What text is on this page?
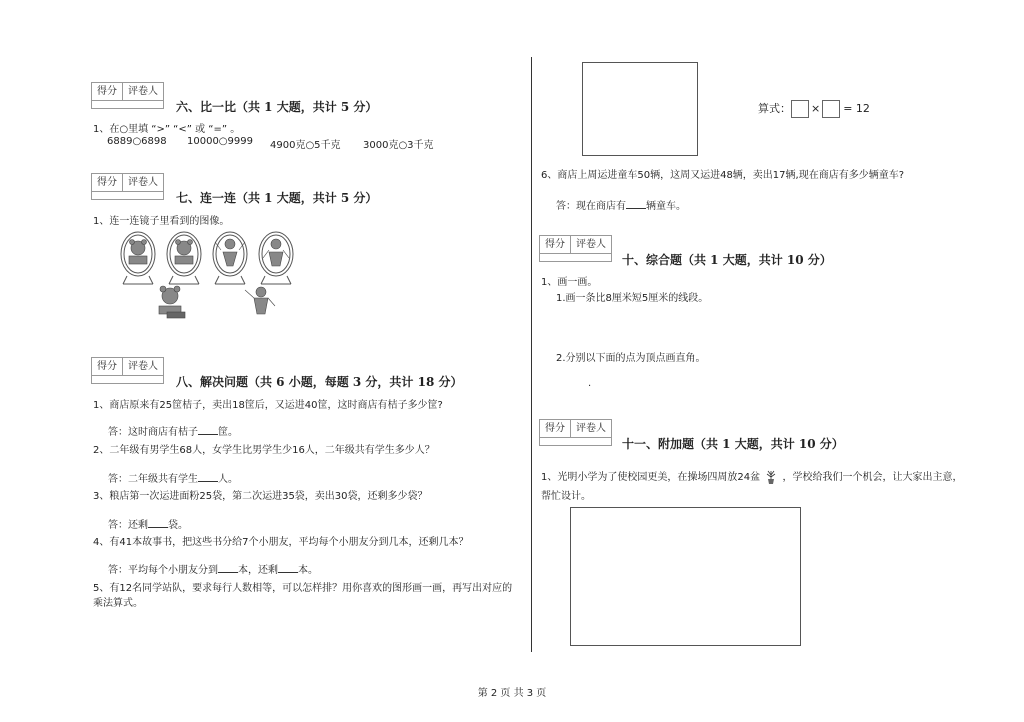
得分	评卷人
六、比一比（共 1 大题，共计 5 分）
1、在○里填 “>” “<” 或 “=” 。
6889○6898 10000○9999 4900克○5千克 3000克○3千克
得分	评卷人
七、连一连（共 1 大题，共计 5 分）
1、连一连镜子里看到的图像。
得分	评卷人
八、解决问题（共 6 小题，每题 3 分，共计 18 分）
1、商店原来有25筐桔子，卖出18筐后，又运进40筐，这时商店有桔子多少筐?
答：这时商店有桔子 筐。
2、二年级有男学生68人，女学生比男学生少16人，二年级共有学生多少人？
答：二年级共有学生 人。
3、粮店第一次运进面粉25袋，第二次运进35袋，卖出30袋，还剩多少袋？
答：还剩 袋。
4、有41本故事书，把这些书分给7个小朋友，平均每个小朋友分到几本，还剩几本？
答：平均每个小朋友分到 本，还剩 本。
5、有12名同学站队，要求每行人数相等，可以怎样排？用你喜欢的图形画一画，再写出对应的
乘法算式。
算式： × = 12
6、商店上周运进童车50辆，这周又运进48辆，卖出17辆,现在商店有多少辆童车?
答：现在商店有 辆童车。
得分	评卷人
十、综合题（共 1 大题，共计 10 分）
1、画一画。
1.画一条比8厘米短5厘米的线段。
2.分别以下面的点为顶点画直角。
.
得分	评卷人
十一、附加题（共 1 大题，共计 10 分）
1、光明小学为了使校园更美，在操场四周放24盆 ，学校给我们一个机会，让大家出主意，
帮忙设计。
第 2 页 共 3 页
